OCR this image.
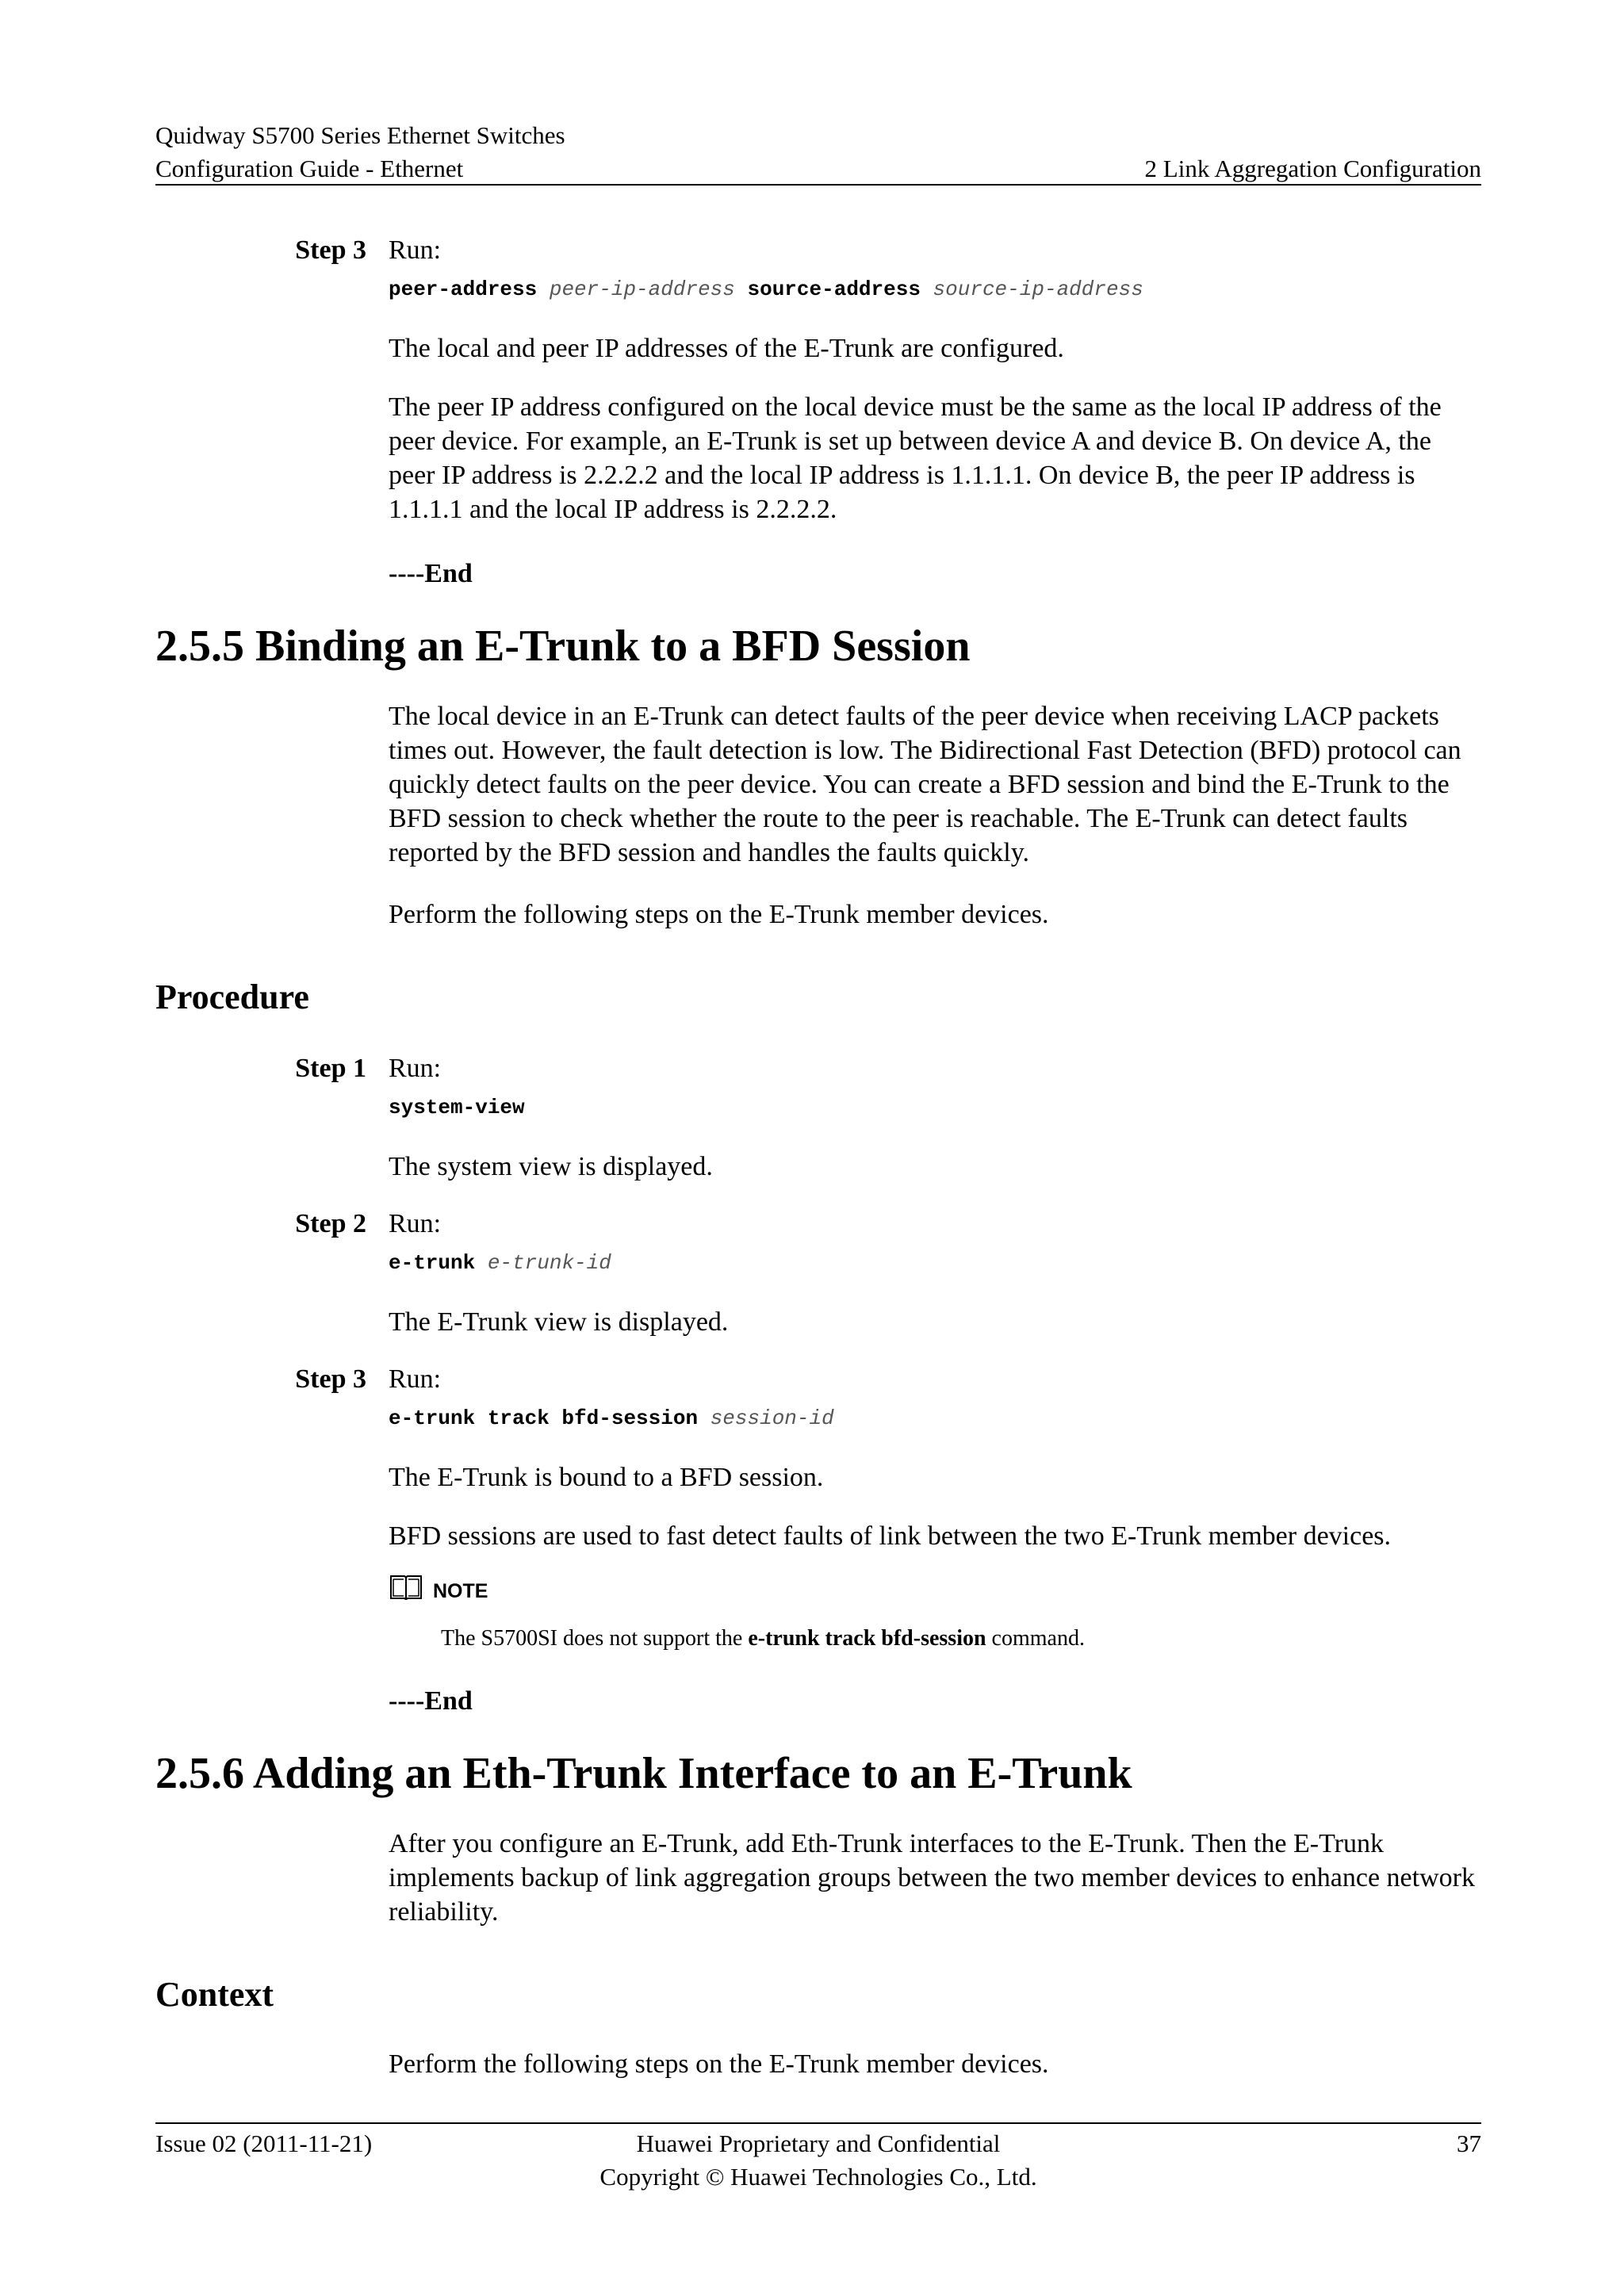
Quidway S5700 Series Ethernet Switches
Configuration Guide - Ethernet	2 Link Aggregation Configuration
Step 3 Run:
peer-address peer-ip-address source-address source-ip-address
The local and peer IP addresses of the E-Trunk are configured.
The peer IP address configured on the local device must be the same as the local IP address of the peer device. For example, an E-Trunk is set up between device A and device B. On device A, the peer IP address is 2.2.2.2 and the local IP address is 1.1.1.1. On device B, the peer IP address is 1.1.1.1 and the local IP address is 2.2.2.2.
----End
2.5.5 Binding an E-Trunk to a BFD Session
The local device in an E-Trunk can detect faults of the peer device when receiving LACP packets times out. However, the fault detection is low. The Bidirectional Fast Detection (BFD) protocol can quickly detect faults on the peer device. You can create a BFD session and bind the E-Trunk to the BFD session to check whether the route to the peer is reachable. The E-Trunk can detect faults reported by the BFD session and handles the faults quickly.
Perform the following steps on the E-Trunk member devices.
Procedure
Step 1 Run:
system-view
The system view is displayed.
Step 2 Run:
e-trunk e-trunk-id
The E-Trunk view is displayed.
Step 3 Run:
e-trunk track bfd-session session-id
The E-Trunk is bound to a BFD session.
BFD sessions are used to fast detect faults of link between the two E-Trunk member devices.
NOTE
The S5700SI does not support the e-trunk track bfd-session command.
----End
2.5.6 Adding an Eth-Trunk Interface to an E-Trunk
After you configure an E-Trunk, add Eth-Trunk interfaces to the E-Trunk. Then the E-Trunk implements backup of link aggregation groups between the two member devices to enhance network reliability.
Context
Perform the following steps on the E-Trunk member devices.
Issue 02 (2011-11-21)	Huawei Proprietary and Confidential
Copyright © Huawei Technologies Co., Ltd.
37
